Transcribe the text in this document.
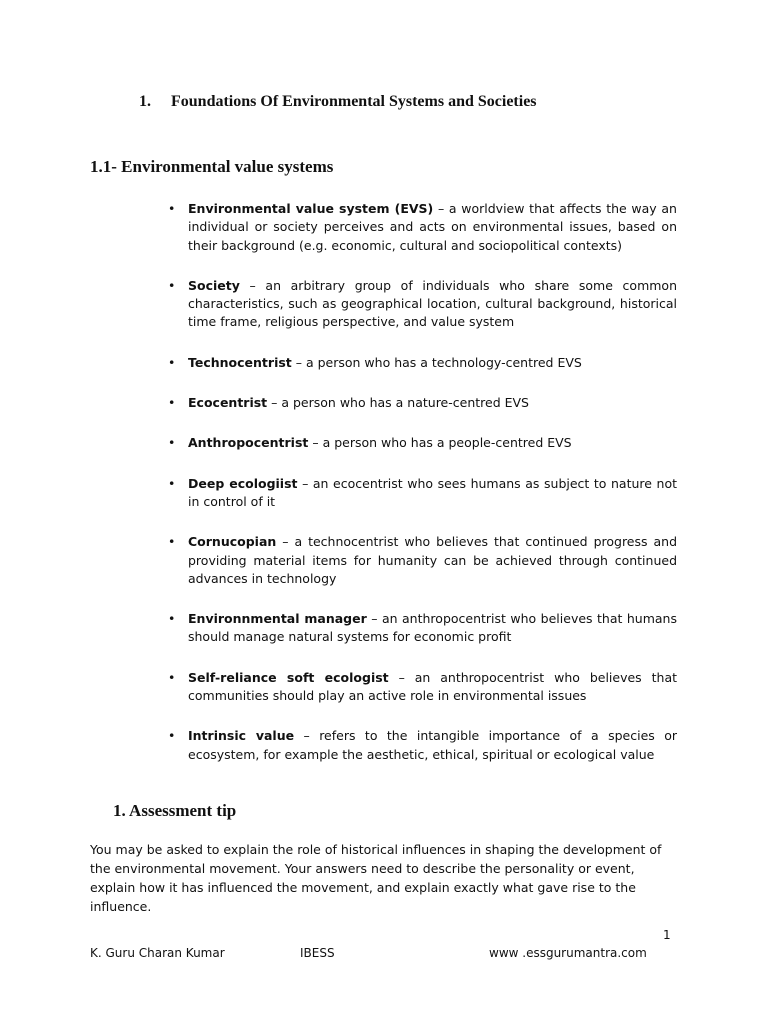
1. Foundations Of Environmental Systems and Societies
1.1- Environmental value systems
• Environmental value system (EVS) – a worldview that affects the way an individual or society perceives and acts on environmental issues, based on their background (e.g. economic, cultural and sociopolitical contexts)
• Society – an arbitrary group of individuals who share some common characteristics, such as geographical location, cultural background, historical time frame, religious perspective, and value system
• Technocentrist – a person who has a technology-centred EVS
• Ecocentrist – a person who has a nature-centred EVS
• Anthropocentrist – a person who has a people-centred EVS
• Deep ecologiist – an ecocentrist who sees humans as subject to nature not in control of it
• Cornucopian – a technocentrist who believes that continued progress and providing material items for humanity can be achieved through continued advances in technology
• Environnmental manager – an anthropocentrist who believes that humans should manage natural systems for economic profit
• Self-reliance soft ecologist – an anthropocentrist who believes that communities should play an active role in environmental issues
• Intrinsic value – refers to the intangible importance of a species or ecosystem, for example the aesthetic, ethical, spiritual or ecological value
1. Assessment tip

You may be asked to explain the role of historical influences in shaping the development of the environmental movement. Your answers need to describe the personality or event, explain how it has influenced the movement, and explain exactly what gave rise to the influence.

1
K. Guru Charan Kumar	IBESS	www .essgurumantra.com
